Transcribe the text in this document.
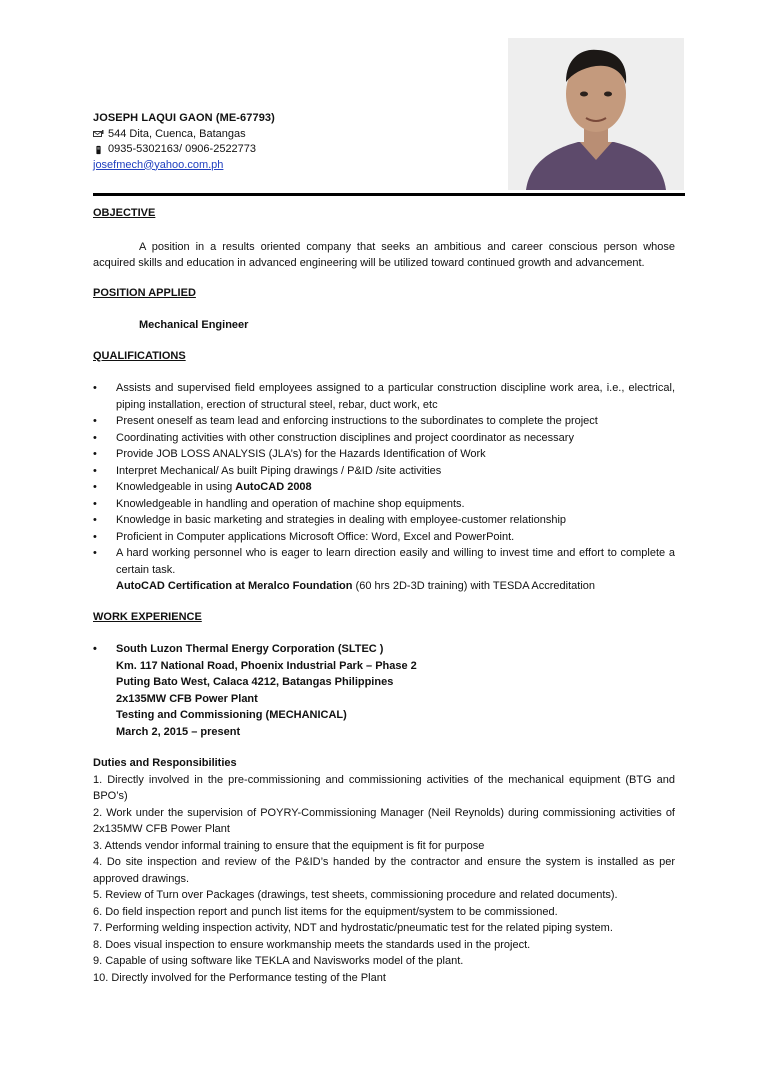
JOSEPH LAQUI GAON (ME-67793)
544 Dita, Cuenca, Batangas
0935-5302163/ 0906-2522773
josefmech@yahoo.com.ph

OBJECTIVE

A position in a results oriented company that seeks an ambitious and career conscious person whose acquired skills and education in advanced engineering will be utilized toward continued growth and advancement.

POSITION APPLIED

Mechanical Engineer

QUALIFICATIONS

• Assists and supervised field employees assigned to a particular construction discipline work area, i.e., electrical, piping installation, erection of structural steel, rebar, duct work, etc
• Present oneself as team lead and enforcing instructions to the subordinates to complete the project
• Coordinating activities with other construction disciplines and project coordinator as necessary
• Provide JOB LOSS ANALYSIS (JLA’s) for the Hazards Identification of Work
• Interpret Mechanical/ As built Piping drawings / P&ID /site activities
• Knowledgeable in using AutoCAD 2008
• Knowledgeable in handling and operation of machine shop equipments.
• Knowledge in basic marketing and strategies in dealing with employee-customer relationship
• Proficient in Computer applications Microsoft Office: Word, Excel and PowerPoint.
• A hard working personnel who is eager to learn direction easily and willing to invest time and effort to complete a certain task.
AutoCAD Certification at Meralco Foundation (60 hrs 2D-3D training) with TESDA Accreditation

WORK EXPERIENCE

• South Luzon Thermal Energy Corporation (SLTEC )
Km. 117 National Road, Phoenix Industrial Park – Phase 2
Puting Bato West, Calaca 4212, Batangas Philippines
2x135MW CFB Power Plant
Testing and Commissioning (MECHANICAL)
March 2, 2015 – present

Duties and Responsibilities

1. Directly involved in the pre-commissioning and commissioning activities of the mechanical equipment (BTG and BPO’s)

2. Work under the supervision of POYRY-Commissioning Manager (Neil Reynolds) during commissioning activities of 2x135MW CFB Power Plant

3. Attends vendor informal training to ensure that the equipment is fit for purpose

4. Do site inspection and review of the P&ID’s handed by the contractor and ensure the system is installed as per approved drawings.

5. Review of Turn over Packages (drawings, test sheets, commissioning procedure and related documents).

6. Do field inspection report and punch list items for the equipment/system to be commissioned.

7. Performing welding inspection activity, NDT and hydrostatic/pneumatic test for the related piping system.

8. Does visual inspection to ensure workmanship meets the standards used in the project.

9. Capable of using software like TEKLA and Navisworks model of the plant.

10. Directly involved for the Performance testing of the Plant
